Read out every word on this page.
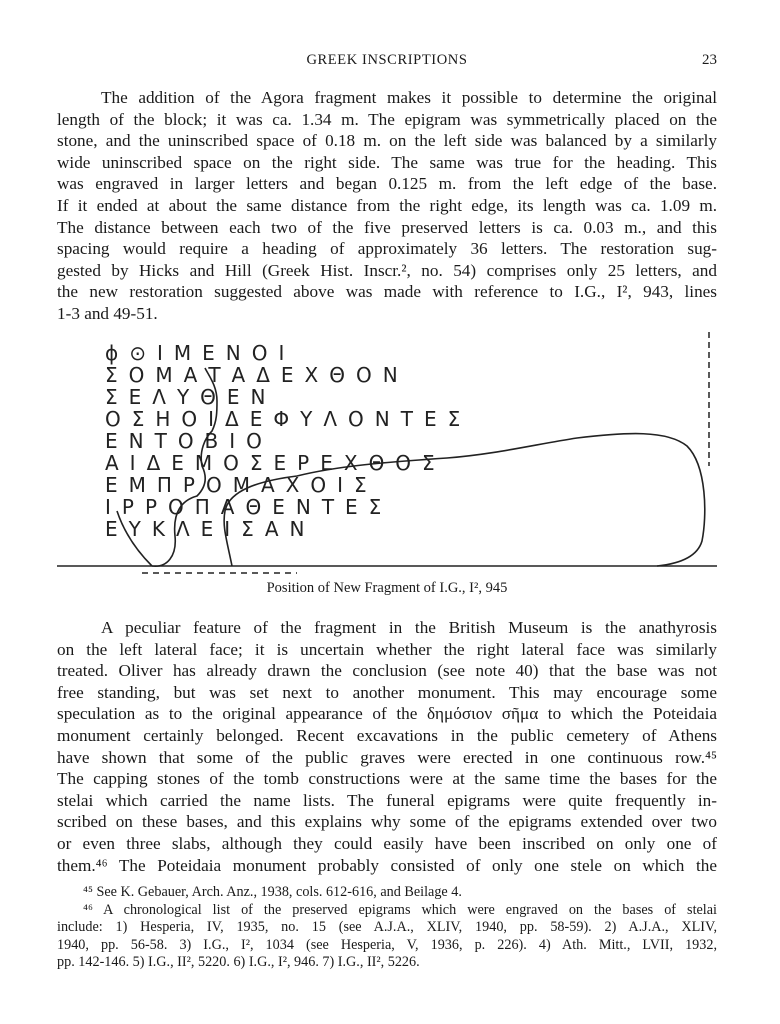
GREEK INSCRIPTIONS	23
The addition of the Agora fragment makes it possible to determine the original
length of the block; it was ca. 1.34 m. The epigram was symmetrically placed on the
stone, and the uninscribed space of 0.18 m. on the left side was balanced by a similarly
wide uninscribed space on the right side. The same was true for the heading. This
was engraved in larger letters and began 0.125 m. from the left edge of the base.
If it ended at about the same distance from the right edge, its length was ca. 1.09 m.
The distance between each two of the five preserved letters is ca. 0.03 m., and this
spacing would require a heading of approximately 36 letters. The restoration sug-
gested by Hicks and Hill (Greek Hist. Inscr.², no. 54) comprises only 25 letters, and
the new restoration suggested above was made with reference to I.G., I², 943, lines
1-3 and 49-51.
ϕ⊙ΙΜΕΝΟΙ
ΣΟΜΑΤΑΔΕΧΘΟΝ
ΣΕΛΥΘΕΝ
ΟΣΗΟΙΔΕΦΥΛΟΝΤΕΣ
ΕΝΤΟΒΙΟ
ΑΙΔΕΜΟΣΕΡΕΧΘΟΣ
ΕΜΠΡΟΜΑΧΟΙΣ
ΙΡΡΟΠΑΘΕΝΤΕΣ
ΕΥΚΛΕΙΣΑΝ
Position of New Fragment of I.G., I², 945
A peculiar feature of the fragment in the British Museum is the anathyrosis
on the left lateral face; it is uncertain whether the right lateral face was similarly
treated. Oliver has already drawn the conclusion (see note 40) that the base was not
free standing, but was set next to another monument. This may encourage some
speculation as to the original appearance of the δημόσιον σῆμα to which the Poteidaia
monument certainly belonged. Recent excavations in the public cemetery of Athens
have shown that some of the public graves were erected in one continuous row.⁴⁵
The capping stones of the tomb constructions were at the same time the bases for the
stelai which carried the name lists. The funeral epigrams were quite frequently in-
scribed on these bases, and this explains why some of the epigrams extended over two
or even three slabs, although they could easily have been inscribed on only one of
them.⁴⁶ The Poteidaia monument probably consisted of only one stele on which the
⁴⁵ See K. Gebauer, Arch. Anz., 1938, cols. 612-616, and Beilage 4.
⁴⁶ A chronological list of the preserved epigrams which were engraved on the bases of stelai
include: 1) Hesperia, IV, 1935, no. 15 (see A.J.A., XLIV, 1940, pp. 58-59). 2) A.J.A., XLIV,
1940, pp. 56-58. 3) I.G., I², 1034 (see Hesperia, V, 1936, p. 226). 4) Ath. Mitt., LVII, 1932,
pp. 142-146. 5) I.G., II², 5220. 6) I.G., I², 946. 7) I.G., II², 5226.
